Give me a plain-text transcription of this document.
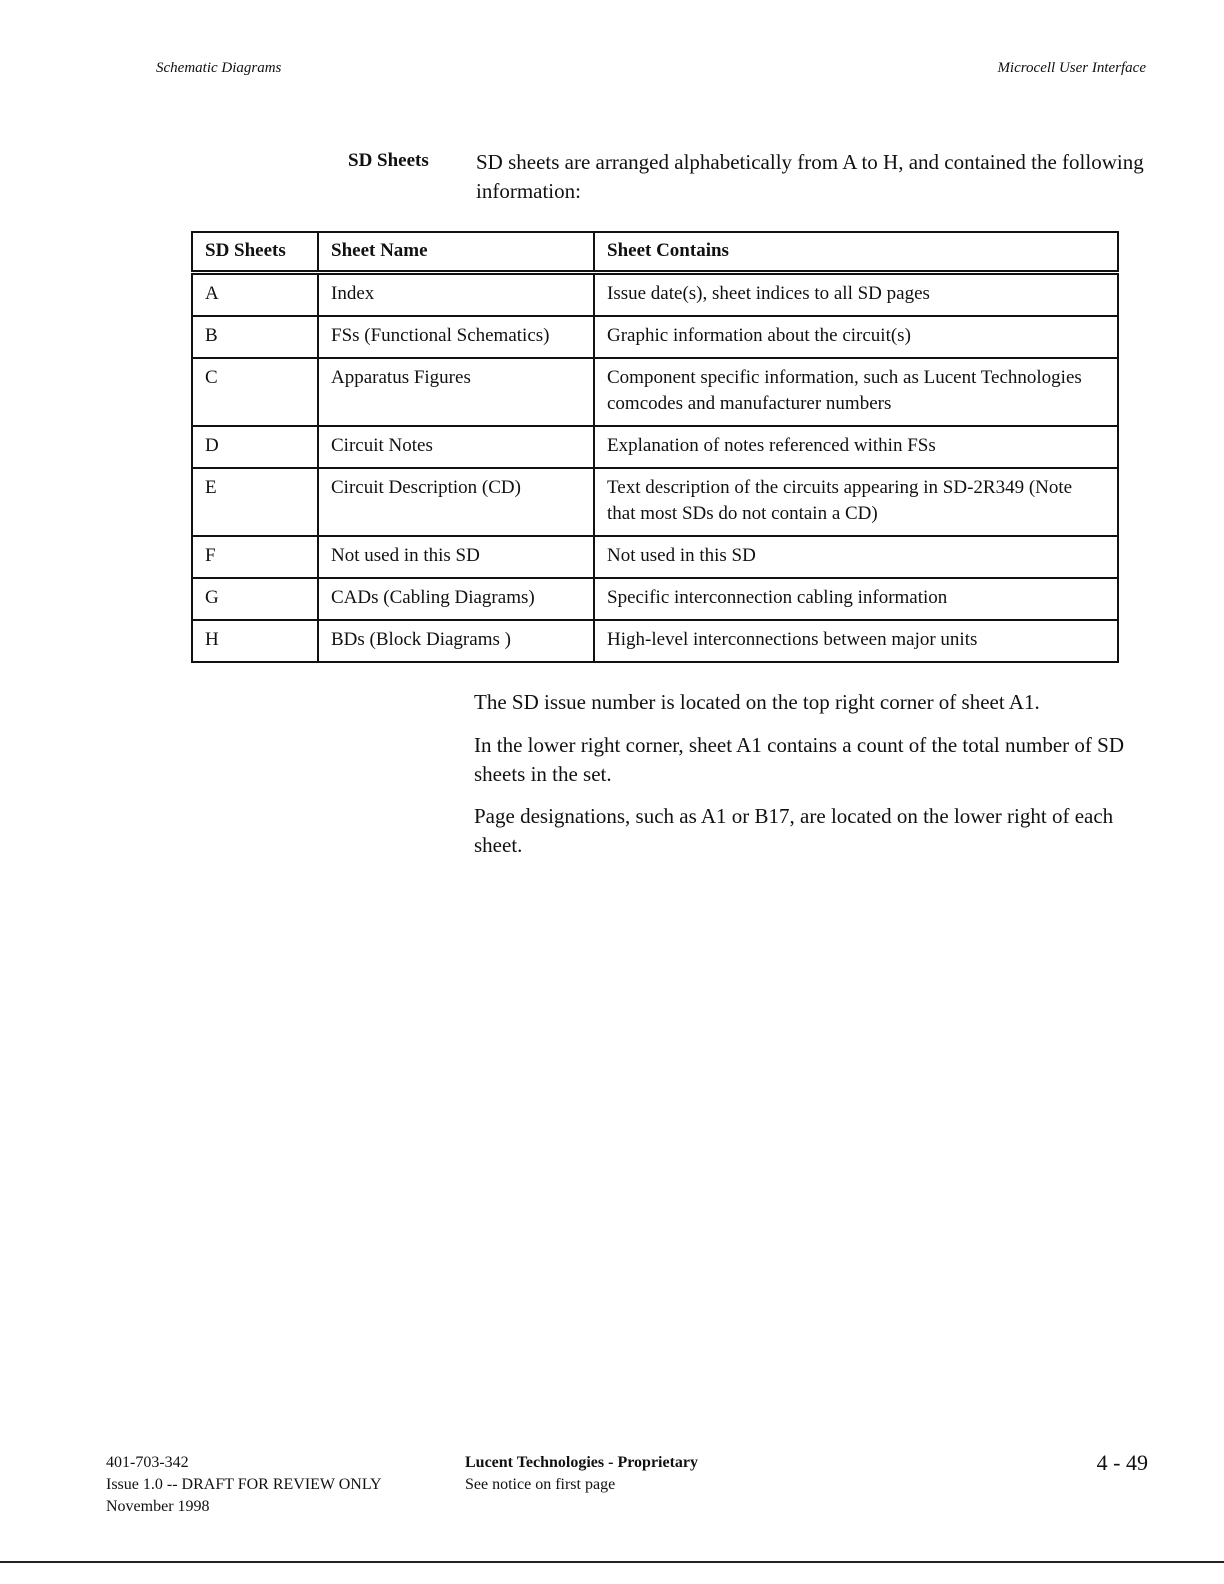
Schematic Diagrams	Microcell User Interface
SD Sheets SD sheets are arranged alphabetically from A to H, and contained the following information:
SD Sheets	Sheet Name	Sheet Contains
A	Index	Issue date(s), sheet indices to all SD pages
B	FSs (Functional Schematics)	Graphic information about the circuit(s)
C	Apparatus Figures	Component specific information, such as Lucent Technologies comcodes and manufacturer numbers
D	Circuit Notes	Explanation of notes referenced within FSs
E	Circuit Description (CD)	Text description of the circuits appearing in SD-2R349 (Note that most SDs do not contain a CD)
F	Not used in this SD	Not used in this SD
G	CADs (Cabling Diagrams)	Specific interconnection cabling information
H	BDs (Block Diagrams )	High-level interconnections between major units

The SD issue number is located on the top right corner of sheet A1.

In the lower right corner, sheet A1 contains a count of the total number of SD sheets in the set.

Page designations, such as A1 or B17, are located on the lower right of each sheet.

401-703-342
Issue 1.0 -- DRAFT FOR REVIEW ONLY
November 1998
Lucent Technologies - Proprietary
See notice on first page
4 - 49
